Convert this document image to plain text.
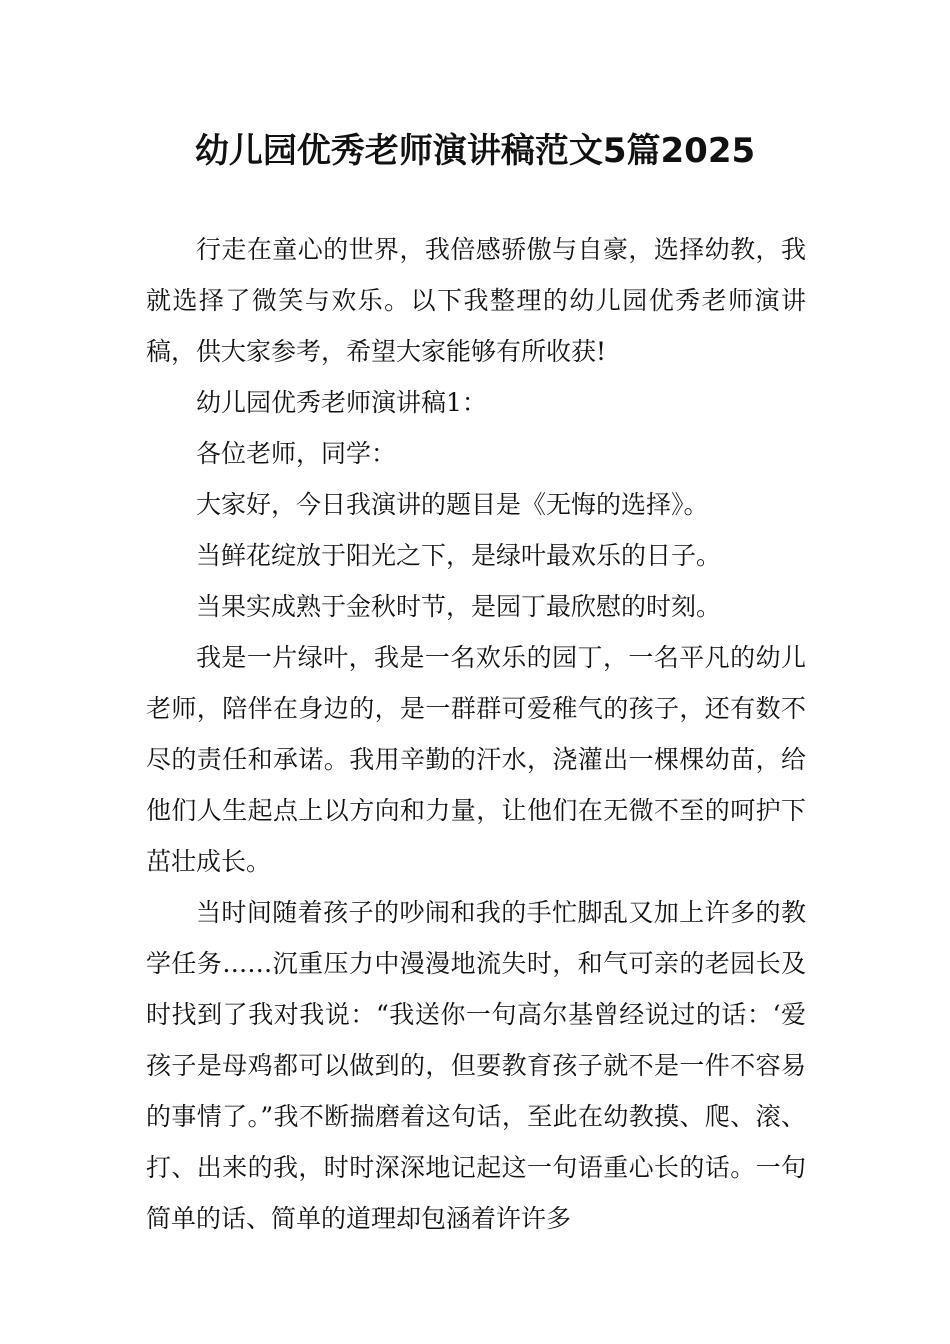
幼儿园优秀老师演讲稿范文5篇2025

行走在童心的世界，我倍感骄傲与自豪，选择幼教，我就选择了微笑与欢乐。以下我整理的幼儿园优秀老师演讲稿，供大家参考，希望大家能够有所收获!

幼儿园优秀老师演讲稿1：

各位老师，同学：

大家好，今日我演讲的题目是《无悔的选择》。

当鲜花绽放于阳光之下，是绿叶最欢乐的日子。

当果实成熟于金秋时节，是园丁最欣慰的时刻。

我是一片绿叶，我是一名欢乐的园丁，一名平凡的幼儿老师，陪伴在身边的，是一群群可爱稚气的孩子，还有数不尽的责任和承诺。我用辛勤的汗水，浇灌出一棵棵幼苗，给他们人生起点上以方向和力量，让他们在无微不至的呵护下茁壮成长。

当时间随着孩子的吵闹和我的手忙脚乱又加上许多的教学任务……沉重压力中漫漫地流失时，和气可亲的老园长及时找到了我对我说：“我送你一句高尔基曾经说过的话：‘爱孩子是母鸡都可以做到的，但要教育孩子就不是一件不容易的事情了。”我不断揣磨着这句话，至此在幼教摸、爬、滚、打、出来的我，时时深深地记起这一句语重心长的话。一句简单的话、简单的道理却包涵着许许多
